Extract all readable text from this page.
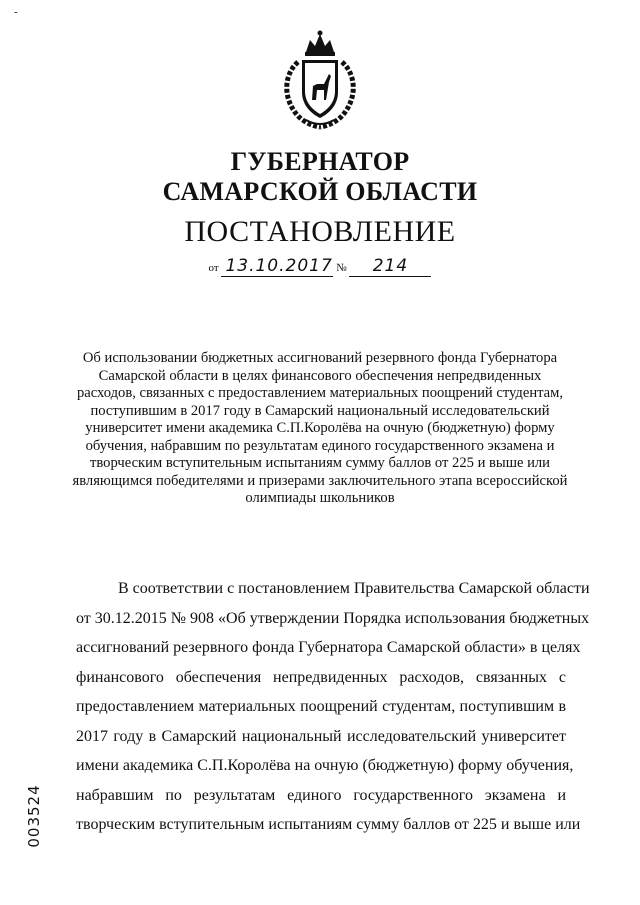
-
ГУБЕРНАТОР
САМАРСКОЙ ОБЛАСТИ
ПОСТАНОВЛЕНИЕ
от 13.10.2017 № 214
Об использовании бюджетных ассигнований резервного фонда Губернатора Самарской области в целях финансового обеспечения непредвиденных расходов, связанных с предоставлением материальных поощрений студентам, поступившим в 2017 году в Самарский национальный исследовательский университет имени академика С.П.Королёва на очную (бюджетную) форму обучения, набравшим по результатам единого государственного экзамена и творческим вступительным испытаниям сумму баллов от 225 и выше или являющимся победителями и призерами заключительного этапа всероссийской олимпиады школьников
В соответствии с постановлением Правительства Самарской области
от 30.12.2015 № 908 «Об утверждении Порядка использования бюджетных
ассигнований резервного фонда Губернатора Самарской области» в целях
финансового обеспечения непредвиденных расходов, связанных с
предоставлением материальных поощрений студентам, поступившим в
2017 году в Самарский национальный исследовательский университет
имени академика С.П.Королёва на очную (бюджетную) форму обучения,
набравшим по результатам единого государственного экзамена и
творческим вступительным испытаниям сумму баллов от 225 и выше или
003524
